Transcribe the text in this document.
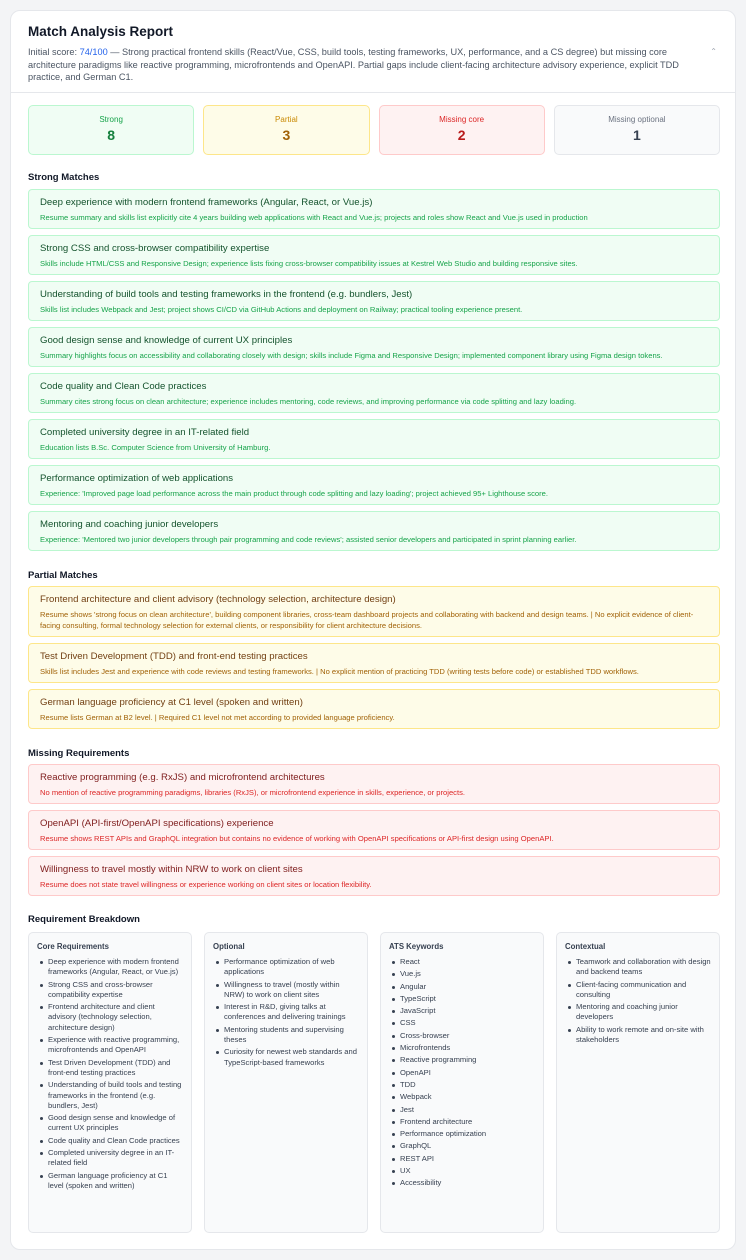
Match Analysis Report
Initial score: 74/100 — Strong practical frontend skills (React/Vue, CSS, build tools, testing frameworks, UX, performance, and a CS degree) but missing core architecture paradigms like reactive programming, microfrontends and OpenAPI. Partial gaps include client-facing architecture advisory experience, explicit TDD practice, and German C1.
⌃
Strong
8
Partial
3
Missing core
2
Missing optional
1
Strong Matches
Deep experience with modern frontend frameworks (Angular, React, or Vue.js)
Resume summary and skills list explicitly cite 4 years building web applications with React and Vue.js; projects and roles show React and Vue.js used in production
Strong CSS and cross-browser compatibility expertise
Skills include HTML/CSS and Responsive Design; experience lists fixing cross-browser compatibility issues at Kestrel Web Studio and building responsive sites.
Understanding of build tools and testing frameworks in the frontend (e.g. bundlers, Jest)
Skills list includes Webpack and Jest; project shows CI/CD via GitHub Actions and deployment on Railway; practical tooling experience present.
Good design sense and knowledge of current UX principles
Summary highlights focus on accessibility and collaborating closely with design; skills include Figma and Responsive Design; implemented component library using Figma design tokens.
Code quality and Clean Code practices
Summary cites strong focus on clean architecture; experience includes mentoring, code reviews, and improving performance via code splitting and lazy loading.
Completed university degree in an IT-related field
Education lists B.Sc. Computer Science from University of Hamburg.
Performance optimization of web applications
Experience: 'Improved page load performance across the main product through code splitting and lazy loading'; project achieved 95+ Lighthouse score.
Mentoring and coaching junior developers
Experience: 'Mentored two junior developers through pair programming and code reviews'; assisted senior developers and participated in sprint planning earlier.
Partial Matches
Frontend architecture and client advisory (technology selection, architecture design)
Resume shows 'strong focus on clean architecture', building component libraries, cross-team dashboard projects and collaborating with backend and design teams. | No explicit evidence of client-facing consulting, formal technology selection for external clients, or responsibility for client architecture decisions.
Test Driven Development (TDD) and front-end testing practices
Skills list includes Jest and experience with code reviews and testing frameworks. | No explicit mention of practicing TDD (writing tests before code) or established TDD workflows.
German language proficiency at C1 level (spoken and written)
Resume lists German at B2 level. | Required C1 level not met according to provided language proficiency.
Missing Requirements
Reactive programming (e.g. RxJS) and microfrontend architectures
No mention of reactive programming paradigms, libraries (RxJS), or microfrontend experience in skills, experience, or projects.
OpenAPI (API-first/OpenAPI specifications) experience
Resume shows REST APIs and GraphQL integration but contains no evidence of working with OpenAPI specifications or API-first design using OpenAPI.
Willingness to travel mostly within NRW to work on client sites
Resume does not state travel willingness or experience working on client sites or location flexibility.
Requirement Breakdown
Core Requirements
Deep experience with modern frontend frameworks (Angular, React, or Vue.js)
Strong CSS and cross-browser compatibility expertise
Frontend architecture and client advisory (technology selection, architecture design)
Experience with reactive programming, microfrontends and OpenAPI
Test Driven Development (TDD) and front-end testing practices
Understanding of build tools and testing frameworks in the frontend (e.g. bundlers, Jest)
Good design sense and knowledge of current UX principles
Code quality and Clean Code practices
Completed university degree in an IT-related field
German language proficiency at C1 level (spoken and written)
Optional
Performance optimization of web applications
Willingness to travel (mostly within NRW) to work on client sites
Interest in R&D, giving talks at conferences and delivering trainings
Mentoring students and supervising theses
Curiosity for newest web standards and TypeScript-based frameworks
ATS Keywords
React
Vue.js
Angular
TypeScript
JavaScript
CSS
Cross-browser
Microfrontends
Reactive programming
OpenAPI
TDD
Webpack
Jest
Frontend architecture
Performance optimization
GraphQL
REST API
UX
Accessibility
Contextual
Teamwork and collaboration with design and backend teams
Client-facing communication and consulting
Mentoring and coaching junior developers
Ability to work remote and on-site with stakeholders
